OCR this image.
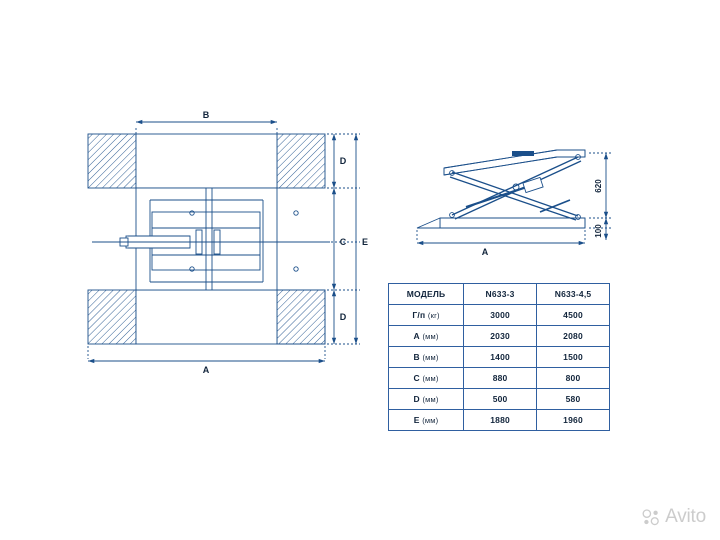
B
A
D
D
C E
A
620
100
МОДЕЛЬ	N633-3	N633-4,5
Г/п (кг)	3000	4500
А (мм)	2030	2080
В (мм)	1400	1500
С (мм)	880	800
D (мм)	500	580
Е (мм)	1880	1960
Avito
